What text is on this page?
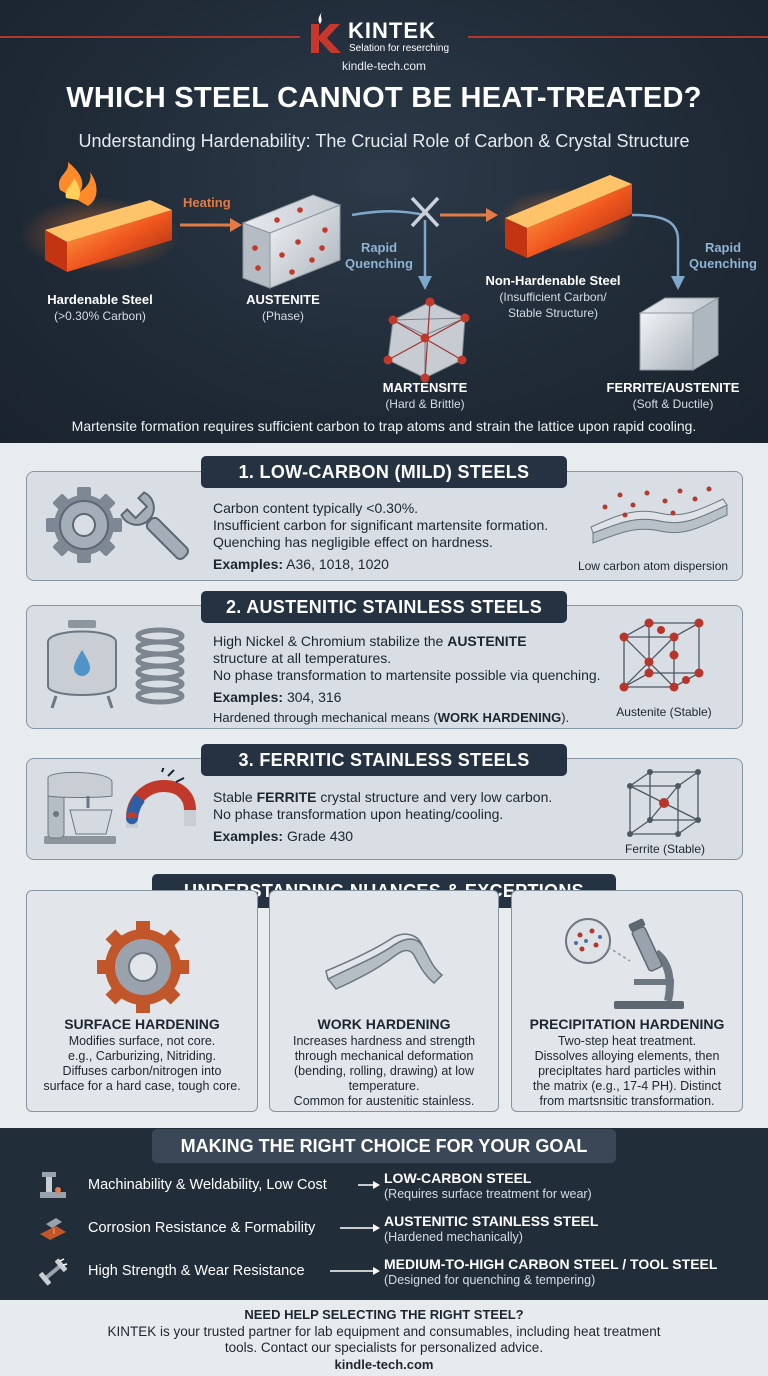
KINTEK
Selation for reserching
kindle-tech.com
WHICH STEEL CANNOT BE HEAT-TREATED?
Understanding Hardenability: The Crucial Role of Carbon & Crystal Structure
Heating
Rapid
Quenching
Rapid
Quenching
Hardenable Steel
(>0.30% Carbon)
AUSTENITE
(Phase)
Non-Hardenable Steel
(Insufficient Carbon/
Stable Structure)
MARTENSITE
(Hard & Brittle)
FERRITE/AUSTENITE
(Soft & Ductile)
Martensite formation requires sufficient carbon to trap atoms and strain the lattice upon rapid cooling.
1. LOW-CARBON (MILD) STEELS
Carbon content typically <0.30%.
Insufficient carbon for significant martensite formation.
Quenching has negligible effect on hardness.
Examples: A36, 1018, 1020	Low carbon atom dispersion
2. AUSTENITIC STAINLESS STEELS
High Nickel & Chromium stabilize the AUSTENITE
structure at all temperatures.
No phase transformation to martensite possible via quenching.
Examples: 304, 316
Hardened through mechanical means (WORK HARDENING).	Austenite (Stable)
3. FERRITIC STAINLESS STEELS
Stable FERRITE crystal structure and very low carbon.
No phase transformation upon heating/cooling.
Examples: Grade 430
Ferrite (Stable)
UNDERSTANDING
SURFACE HARDENING
Modifies surface, not core.
e.g., Carburizing, Nitriding.
Diffuses carbon/nitrogen into
surface for a hard case, tough core.
WORK HARDENING
Increases hardness and strength
through mechanical deformation
(bending, rolling, drawing) at low
temperature.
Common for austenitic stainless.
PRECIPITATION HARDENING
Two-step heat treatment.
Dissolves alloying elements, then
precipltates hard particles within
the matrix (e.g., 17-4 PH). Distinct
from martsnsitic transformation.
MAKING THE RIGHT CHOICE FOR YOUR GOAL
Machinability & Weldability, Low Cost	LOW-CARBON STEEL
(Requires surface treatment for wear)
Corrosion Resistance & Formability	AUSTENITIC STAINLESS STEEL
(Hardened mechanically)
High Strength & Wear Resistance	MEDIUM-TO-HIGH CARBON STEEL / TOOL STEEL
(Designed for quenching & tempering)
NEED HELP SELECTING THE RIGHT STEEL?
KINTEK is your trusted partner for lab equipment and consumables, including heat treatment tools. Contact our specialists for personalized advice.
kindle-tech.com
